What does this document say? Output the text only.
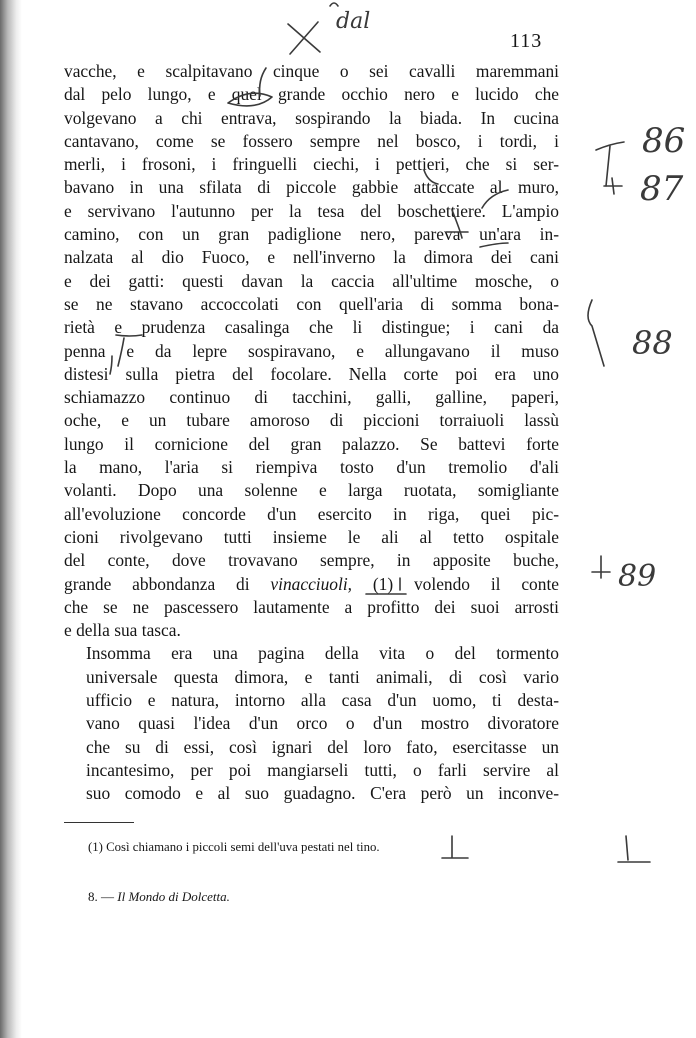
113

vacche, e scalpitavano cinque o sei cavalli maremmani
dal pelo lungo, e quel grande occhio nero e lucido che
volgevano a chi entrava, sospirando la biada. In cucina
cantavano, come se fossero sempre nel bosco, i tordi, i
merli, i frosoni, i fringuelli ciechi, i pettieri, che si ser-
bavano in una sfilata di piccole gabbie attaccate al muro,
e servivano l'autunno per la tesa del boschettiere. L'ampio
camino, con un gran padiglione nero, pareva un'ara in-
nalzata al dio Fuoco, e nell'inverno la dimora dei cani
e dei gatti: questi davan la caccia all'ultime mosche, o
se ne stavano accoccolati con quell'aria di somma bona-
rietà e prudenza casalinga che li distingue; i cani da
penna e da lepre sospiravano, e allungavano il muso
distesi sulla pietra del focolare. Nella corte poi era uno
schiamazzo continuo di tacchini, galli, galline, paperi,
oche, e un tubare amoroso di piccioni torraiuoli lassù
lungo il cornicione del gran palazzo. Se battevi forte
la mano, l'aria si riempiva tosto d'un tremolio d'ali
volanti. Dopo una solenne e larga ruotata, somigliante
all'evoluzione concorde d'un esercito in riga, quei pic-
cioni rivolgevano tutti insieme le ali al tetto ospitale
del conte, dove trovavano sempre, in apposite buche,
grande abbondanza di vinacciuoli, (1) volendo il conte
che se ne pascessero lautamente a profitto dei suoi arrosti
e della sua tasca.

Insomma era una pagina della vita o del tormento
universale questa dimora, e tanti animali, di così vario
ufficio e natura, intorno alla casa d'un uomo, ti desta-
vano quasi l'idea d'un orco o d'un mostro divoratore
che su di essi, così ignari del loro fato, esercitasse un
incantesimo, per poi mangiarseli tutti, o farli servire al
suo comodo e al suo guadagno. C'era però un inconve-

(1) Così chiamano i piccoli semi dell'uva pestati nel tino.
8. — Il Mondo di Dolcetta.
dal
86
87
88
89
